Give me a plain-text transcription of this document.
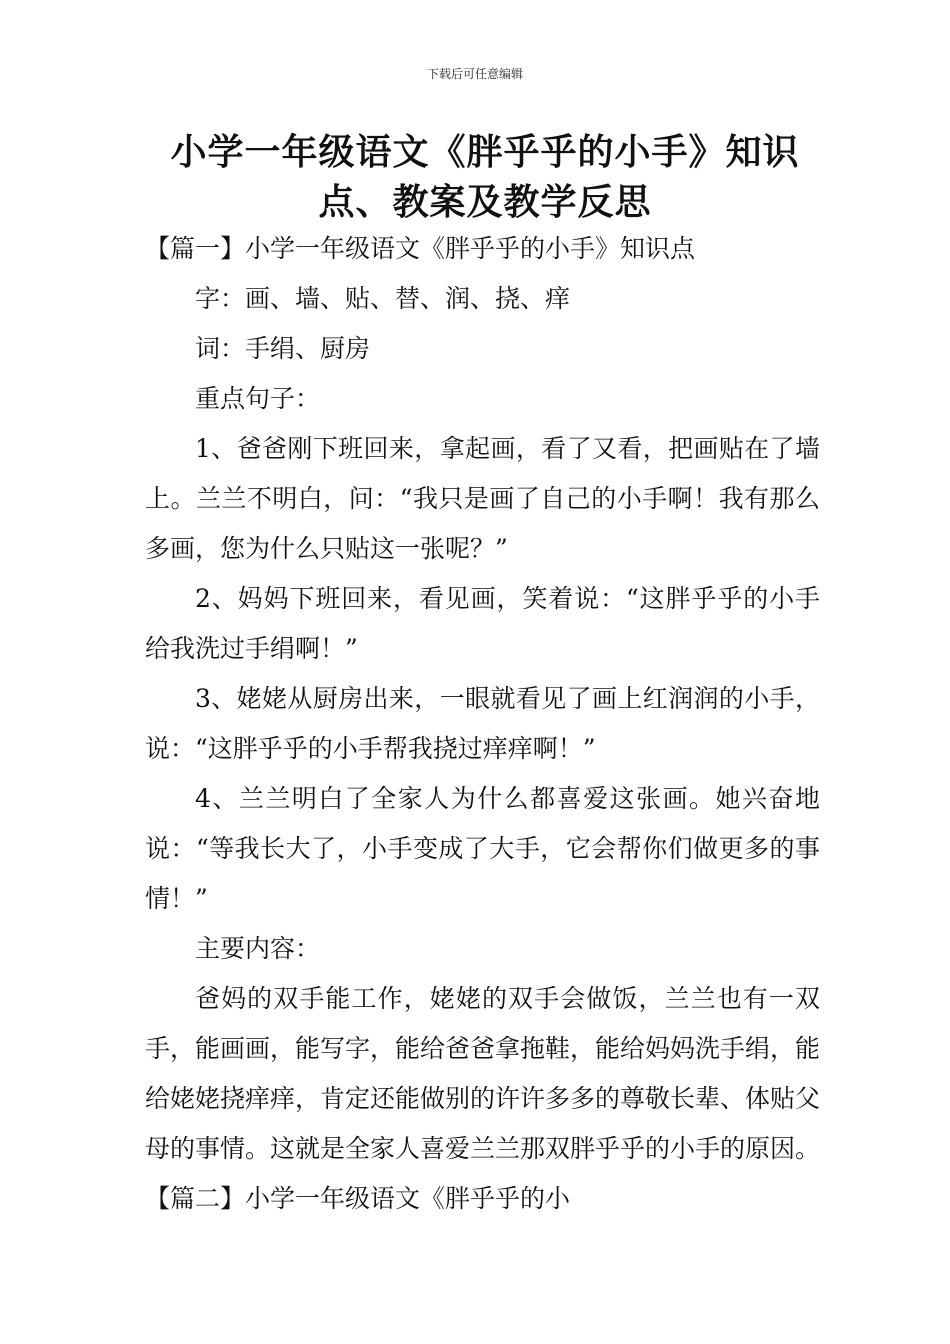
下载后可任意编辑
小学一年级语文《胖乎乎的小手》知识点、教案及教学反思

【篇一】小学一年级语文《胖乎乎的小手》知识点

字：画、墙、贴、替、润、挠、痒

词：手绢、厨房

重点句子：

1、爸爸刚下班回来，拿起画，看了又看，把画贴在了墙上。兰兰不明白，问：“我只是画了自己的小手啊！我有那么多画，您为什么只贴这一张呢？”

2、妈妈下班回来，看见画，笑着说：“这胖乎乎的小手给我洗过手绢啊！”

3、姥姥从厨房出来，一眼就看见了画上红润润的小手，说：“这胖乎乎的小手帮我挠过痒痒啊！”

4、兰兰明白了全家人为什么都喜爱这张画。她兴奋地说：“等我长大了，小手变成了大手，它会帮你们做更多的事情！”

主要内容：

爸妈的双手能工作，姥姥的双手会做饭，兰兰也有一双手，能画画，能写字，能给爸爸拿拖鞋，能给妈妈洗手绢，能给姥姥挠痒痒，肯定还能做别的许许多多的尊敬长辈、体贴父母的事情。这就是全家人喜爱兰兰那双胖乎乎的小手的原因。【篇二】小学一年级语文《胖乎乎的小
